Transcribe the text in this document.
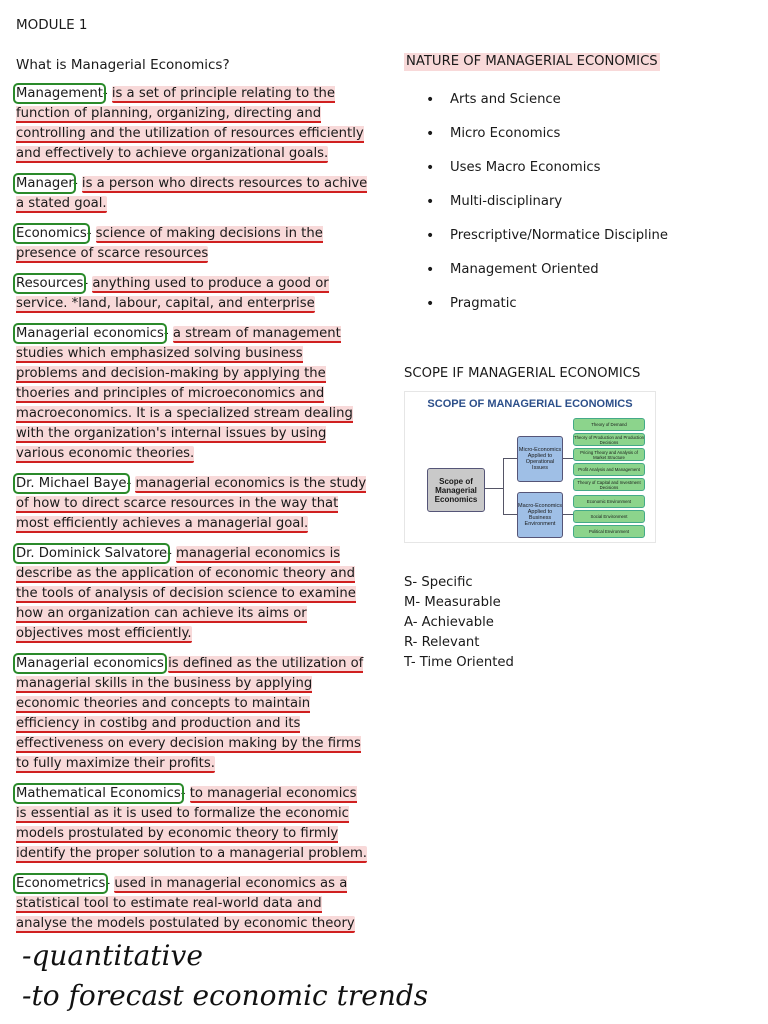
MODULE 1

What is Managerial Economics?

Management- is a set of principle relating to the function of planning, organizing, directing and controlling and the utilization of resources efficiently and effectively to achieve organizational goals.

Manager- is a person who directs resources to achive a stated goal.

Economics- science of making decisions in the presence of scarce resources

Resources- anything used to produce a good or service. *land, labour, capital, and enterprise

Managerial economics- a stream of management studies which emphasized solving business problems and decision-making by applying the thoeries and principles of microeconomics and macroeconomics. It is a specialized stream dealing with the organization's internal issues by using various economic theories.

Dr. Michael Baye- managerial economics is the study of how to direct scarce resources in the way that most efficiently achieves a managerial goal.

Dr. Dominick Salvatore- managerial economics is describe as the application of economic theory and the tools of analysis of decision science to examine how an organization can achieve its aims or objectives most efficiently.

Managerial economics is defined as the utilization of managerial skills in the business by applying economic theories and concepts to maintain efficiency in costibg and production and its effectiveness on every decision making by the firms to fully maximize their profits.

Mathematical Economics- to managerial economics is essential as it is used to formalize the economic models prostulated by economic theory to firmly identify the proper solution to a managerial problem.

Econometrics- used in managerial economics as a statistical tool to estimate real-world data and analyse the models postulated by economic theory

NATURE OF MANAGERIAL ECONOMICS
• Arts and Science
• Micro Economics
• Uses Macro Economics
• Multi-disciplinary
• Prescriptive/Normatice Discipline
• Management Oriented
• Pragmatic

SCOPE IF MANAGERIAL ECONOMICS

SCOPE OF MANAGERIAL ECONOMICS
Scope of Managerial Economics
Micro-Economics Applied to Operational Issues
Macro-Economics Applied to Business Environment
Theory of Demand
Theory of Production and Production Decisions
Pricing Theory and Analysis of Market Structure
Profit Analysis and Management
Theory of Capital and Investment Decisions
Economic Environment
Social Environment
Political Environment

S- Specific

M- Measurable

A- Achievable

R- Relevant

T- Time Oriented

-quantitative
-to forecast economic trends
